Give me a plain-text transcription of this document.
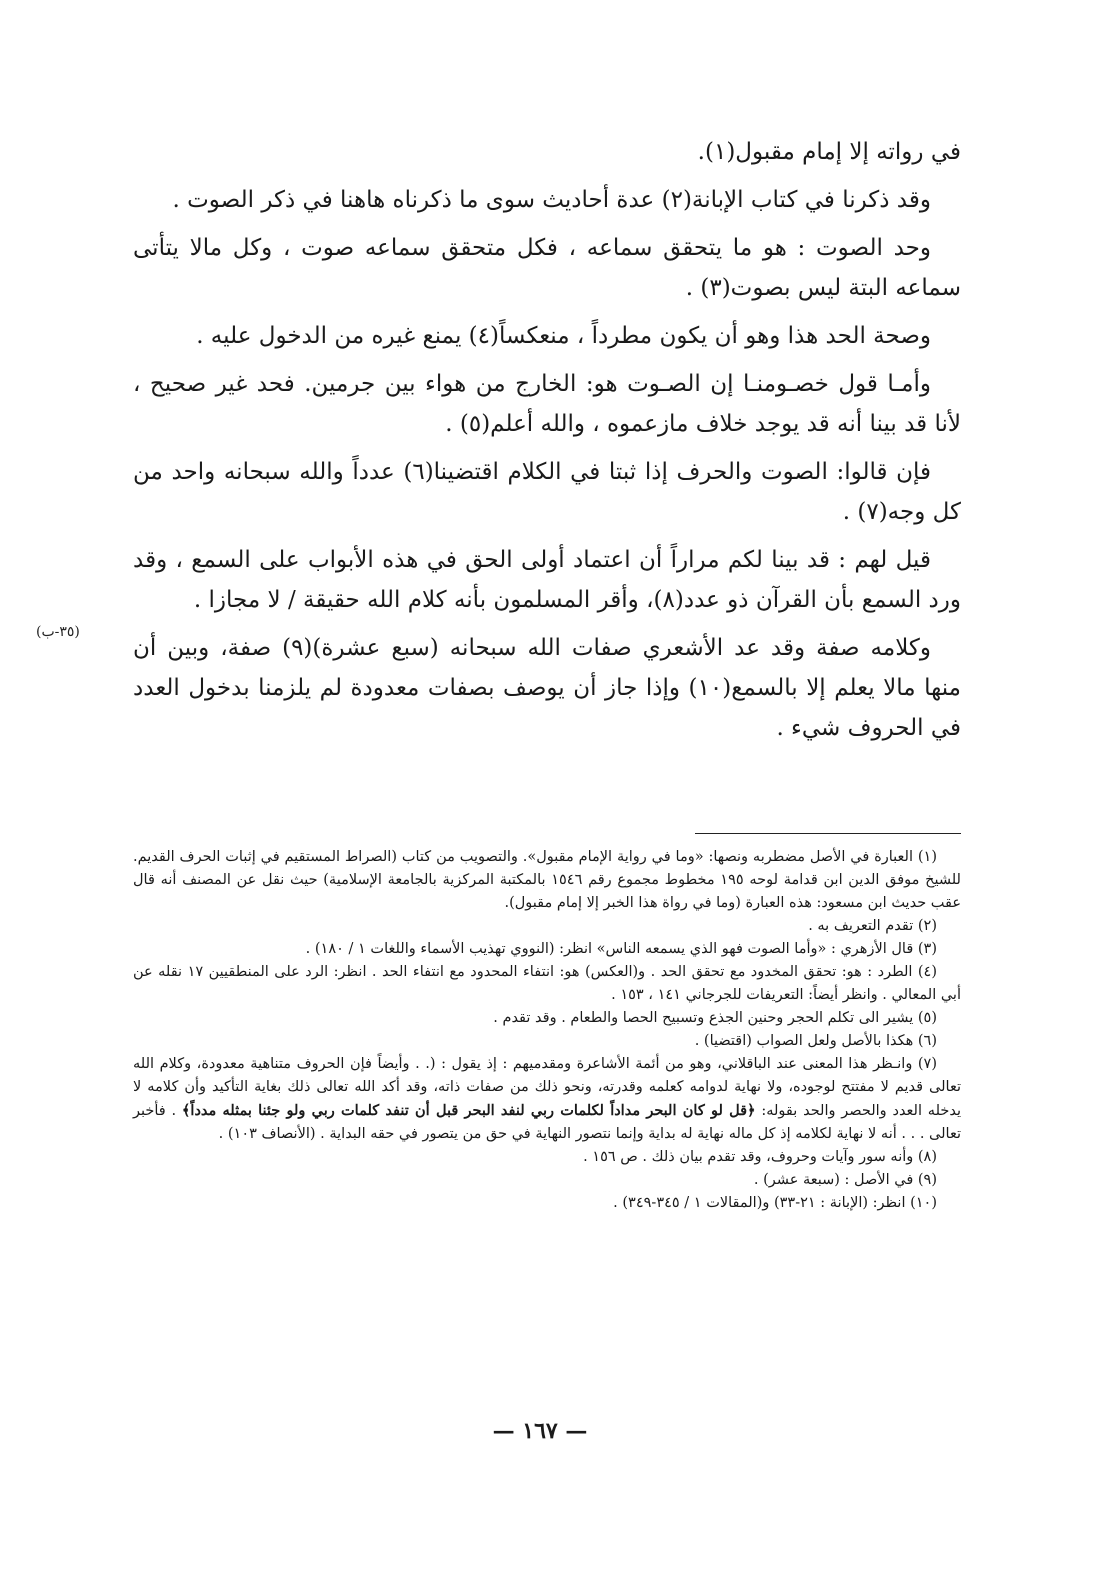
في رواته إلا إمام مقبول(١).

وقد ذكرنا في كتاب الإبانة(٢) عدة أحاديث سوى ما ذكرناه هاهنا في ذكر الصوت .

وحد الصوت : هو ما يتحقق سماعه ، فكل متحقق سماعه صوت ، وكل مالا يتأتى سماعه البتة ليس بصوت(٣) .

وصحة الحد هذا وهو أن يكون مطرداً ، منعكساً(٤) يمنع غيره من الدخول عليه .

وأمـا قول خصـومنـا إن الصـوت هو: الخارج من هواء بين جرمين. فحد غير صحيح ، لأنا قد بينا أنه قد يوجد خلاف مازعموه ، والله أعلم(٥) .

فإن قالوا: الصوت والحرف إذا ثبتا في الكلام اقتضينا(٦) عدداً والله سبحانه واحد من كل وجه(٧) .

قيل لهم : قد بينا لكم مراراً أن اعتماد أولى الحق في هذه الأبواب على السمع ، وقد ورد السمع بأن القرآن ذو عدد(٨)، وأقر المسلمون بأنه كلام الله حقيقة / لا مجازا .

وكلامه صفة وقد عد الأشعري صفات الله سبحانه (سبع عشرة)(٩) صفة، وبين أن منها مالا يعلم إلا بالسمع(١٠) وإذا جاز أن يوصف بصفات معدودة لم يلزمنا بدخول العدد في الحروف شيء .

(٣٥-ب)

(١) العبارة في الأصل مضطربه ونصها: «وما في رواية الإمام مقبول». والتصويب من كتاب (الصراط المستقيم في إثبات الحرف القديم. للشيخ موفق الدين ابن قدامة لوحه ١٩٥ مخطوط مجموع رقم ١٥٤٦ بالمكتبة المركزية بالجامعة الإسلامية) حيث نقل عن المصنف أنه قال عقب حديث ابن مسعود: هذه العبارة (وما في رواة هذا الخبر إلا إمام مقبول).

(٢) تقدم التعريف به .

(٣) قال الأزهري : «وأما الصوت فهو الذي يسمعه الناس» انظر: (النووي تهذيب الأسماء واللغات ١ / ١٨٠) .

(٤) الطرد : هو: تحقق المخدود مع تحقق الحد . و(العكس) هو: انتفاء المحدود مع انتفاء الحد . انظر: الرد على المنطقيين ١٧ نقله عن أبي المعالي . وانظر أيضاً: التعريفات للجرجاني ١٤١ ، ١٥٣ .

(٥) يشير الى تكلم الحجر وحنين الجذع وتسبيح الحصا والطعام . وقد تقدم .

(٦) هكذا بالأصل ولعل الصواب (اقتضيا) .

(٧) وانـظر هذا المعنى عند الباقلاني، وهو من أئمة الأشاعرة ومقدميهم : إذ يقول : (. . وأيضاً فإن الحروف متناهية معدودة، وكلام الله تعالى قديم لا مفتتح لوجوده، ولا نهاية لدوامه كعلمه وقدرته، ونحو ذلك من صفات ذاته، وقد أكد الله تعالى ذلك بغاية التأكيد وأن كلامه لا يدخله العدد والحصر والحد بقوله: ﴿قل لو كان البحر مداداً لكلمات ربي لنفد البحر قبل أن تنفد كلمات ربي ولو جئنا بمثله مدداً﴾ . فأخبر تعالى . . . أنه لا نهاية لكلامه إذ كل ماله نهاية له بداية وإنما نتصور النهاية في حق من يتصور في حقه البداية . (الأنصاف ١٠٣) .

(٨) وأنه سور وآيات وحروف، وقد تقدم بيان ذلك . ص ١٥٦ .

(٩) في الأصل : (سبعة عشر) .

(١٠) انظر: (الإبانة : ٢١-٣٣) و(المقالات ١ / ٣٤٥-٣٤٩) .

— ١٦٧ —
